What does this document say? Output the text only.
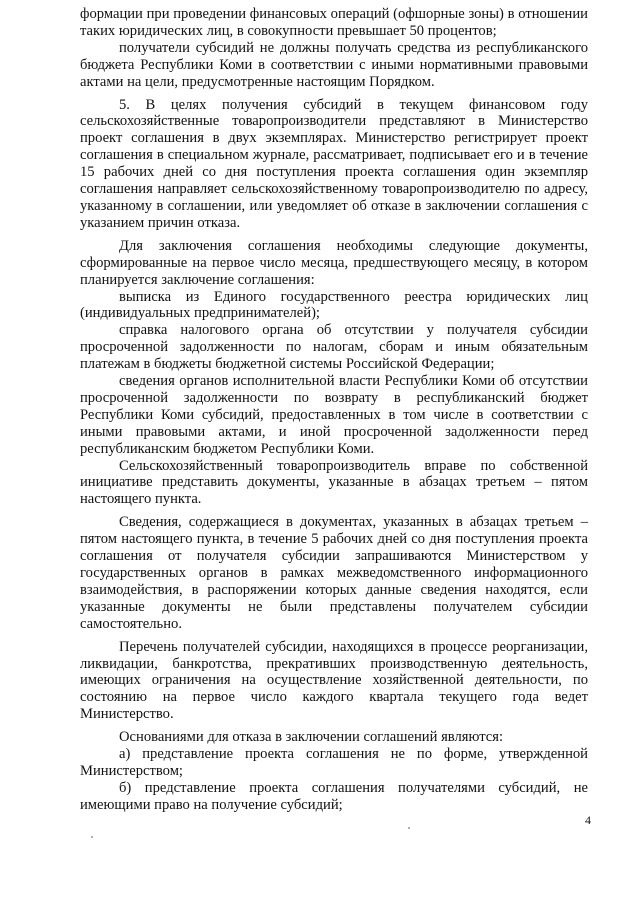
формации при проведении финансовых операций (офшорные зоны) в отношении таких юридических лиц, в совокупности превышает 50 процентов;

получатели субсидий не должны получать средства из республиканского бюджета Республики Коми в соответствии с иными нормативными правовыми актами на цели, предусмотренные настоящим Порядком.

5. В целях получения субсидий в текущем финансовом году сельскохозяйственные товаропроизводители представляют в Министерство проект соглашения в двух экземплярах. Министерство регистрирует проект соглашения в специальном журнале, рассматривает, подписывает его и в течение 15 рабочих дней со дня поступления проекта соглашения один экземпляр соглашения направляет сельскохозяйственному товаропроизводителю по адресу, указанному в соглашении, или уведомляет об отказе в заключении соглашения с указанием причин отказа.

Для заключения соглашения необходимы следующие документы, сформированные на первое число месяца, предшествующего месяцу, в котором планируется заключение соглашения:

выписка из Единого государственного реестра юридических лиц (индивидуальных предпринимателей);

справка налогового органа об отсутствии у получателя субсидии просроченной задолженности по налогам, сборам и иным обязательным платежам в бюджеты бюджетной системы Российской Федерации;

сведения органов исполнительной власти Республики Коми об отсутствии просроченной задолженности по возврату в республиканский бюджет Республики Коми субсидий, предоставленных в том числе в соответствии с иными правовыми актами, и иной просроченной задолженности перед республиканским бюджетом Республики Коми.

Сельскохозяйственный товаропроизводитель вправе по собственной инициативе представить документы, указанные в абзацах третьем – пятом настоящего пункта.

Сведения, содержащиеся в документах, указанных в абзацах третьем – пятом настоящего пункта, в течение 5 рабочих дней со дня поступления проекта соглашения от получателя субсидии запрашиваются Министерством у государственных органов в рамках межведомственного информационного взаимодействия, в распоряжении которых данные сведения находятся, если указанные документы не были представлены получателем субсидии самостоятельно.

Перечень получателей субсидии, находящихся в процессе реорганизации, ликвидации, банкротства, прекративших производственную деятельность, имеющих ограничения на осуществление хозяйственной деятельности, по состоянию на первое число каждого квартала текущего года ведет Министерство.

Основаниями для отказа в заключении соглашений являются:

а) представление проекта соглашения не по форме, утвержденной Министерством;

б) представление проекта соглашения получателями субсидий, не имеющими право на получение субсидий;

4
